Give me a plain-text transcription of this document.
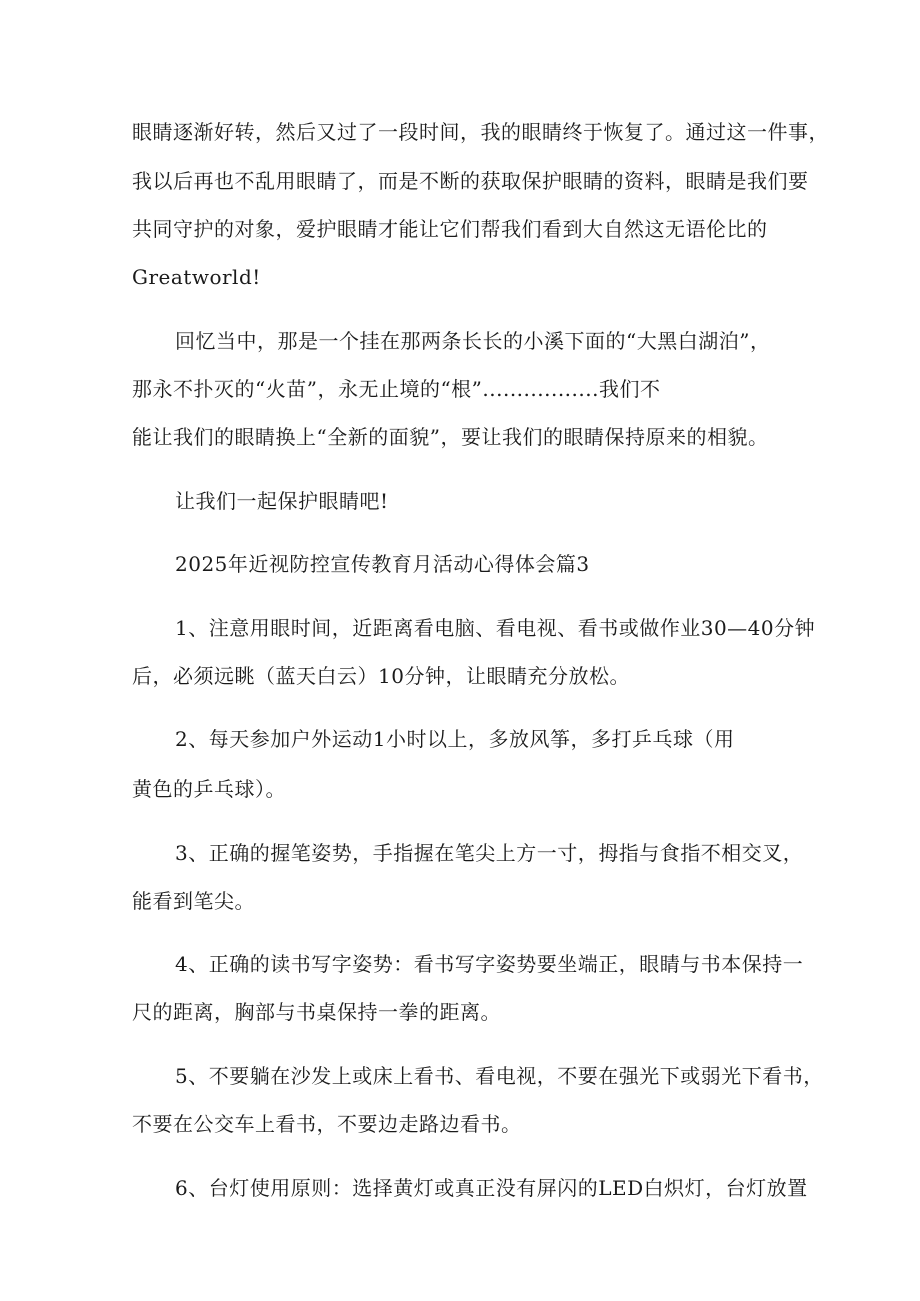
眼睛逐渐好转，然后又过了一段时间，我的眼睛终于恢复了。通过这一件事，
我以后再也不乱用眼睛了，而是不断的获取保护眼睛的资料，眼睛是我们要
共同守护的对象，爱护眼睛才能让它们帮我们看到大自然这无语伦比的
Greatworld!
回忆当中，那是一个挂在那两条长长的小溪下面的“大黑白湖泊”，
那永不扑灭的“火苗”，永无止境的“根”.................我们不
能让我们的眼睛换上“全新的面貌”，要让我们的眼睛保持原来的相貌。
让我们一起保护眼睛吧!
2025年近视防控宣传教育月活动心得体会篇3
1、注意用眼时间，近距离看电脑、看电视、看书或做作业30—40分钟
后，必须远眺（蓝天白云）10分钟，让眼睛充分放松。
2、每天参加户外运动1小时以上，多放风筝，多打乒乓球（用
黄色的乒乓球）。
3、正确的握笔姿势，手指握在笔尖上方一寸，拇指与食指不相交叉，
能看到笔尖。
4、正确的读书写字姿势：看书写字姿势要坐端正，眼睛与书本保持一
尺的距离，胸部与书桌保持一拳的距离。
5、不要躺在沙发上或床上看书、看电视，不要在强光下或弱光下看书，
不要在公交车上看书，不要边走路边看书。
6、台灯使用原则：选择黄灯或真正没有屏闪的LED白炽灯，台灯放置
